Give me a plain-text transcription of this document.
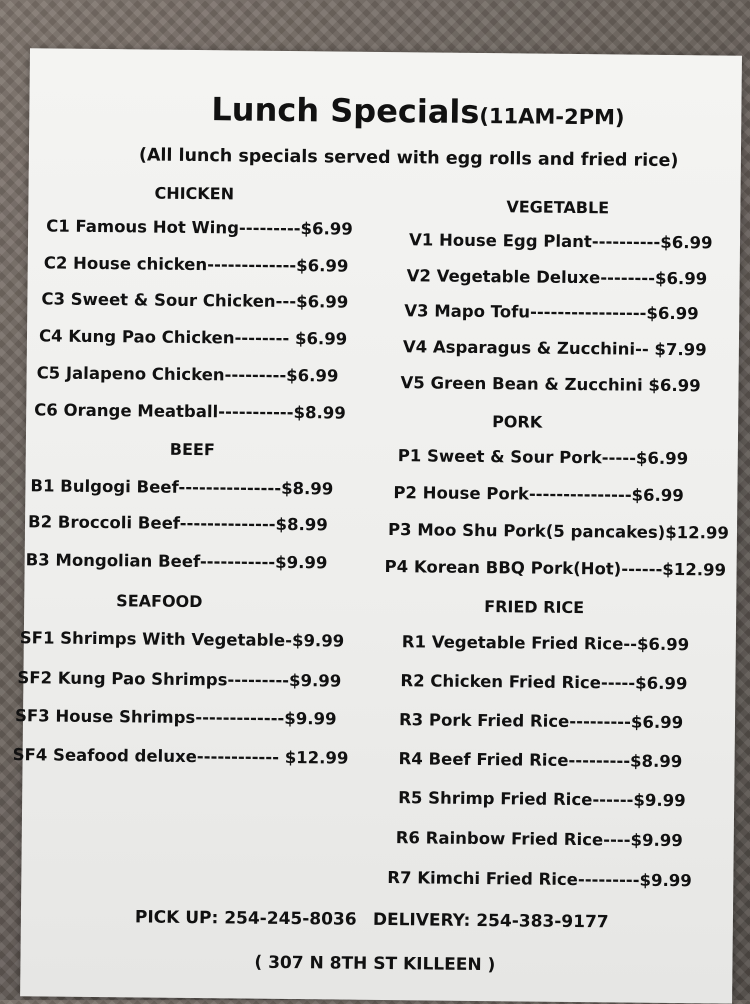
Lunch Specials(11AM-2PM)
(All lunch specials served with egg rolls and fried rice)
CHICKEN
C1 Famous Hot Wing---------$6.99
C2 House chicken-------------$6.99
C3 Sweet & Sour Chicken---$6.99
C4 Kung Pao Chicken-------- $6.99
C5 Jalapeno Chicken---------$6.99
C6 Orange Meatball-----------$8.99
BEEF
B1 Bulgogi Beef---------------$8.99
B2 Broccoli Beef--------------$8.99
B3 Mongolian Beef-----------$9.99
SEAFOOD
SF1 Shrimps With Vegetable-$9.99
SF2 Kung Pao Shrimps---------$9.99
SF3 House Shrimps-------------$9.99
SF4 Seafood deluxe------------ $12.99
VEGETABLE
V1 House Egg Plant----------$6.99
V2 Vegetable Deluxe--------$6.99
V3 Mapo Tofu-----------------$6.99
V4 Asparagus & Zucchini-- $7.99
V5 Green Bean & Zucchini $6.99
PORK
P1 Sweet & Sour Pork-----$6.99
P2 House Pork---------------$6.99
P3 Moo Shu Pork(5 pancakes)$12.99
P4 Korean BBQ Pork(Hot)------$12.99
FRIED RICE
R1 Vegetable Fried Rice--$6.99
R2 Chicken Fried Rice-----$6.99
R3 Pork Fried Rice---------$6.99
R4 Beef Fried Rice---------$8.99
R5 Shrimp Fried Rice------$9.99
R6 Rainbow Fried Rice----$9.99
R7 Kimchi Fried Rice---------$9.99
PICK UP: 254-245-8036 DELIVERY: 254-383-9177
( 307 N 8TH ST KILLEEN )
